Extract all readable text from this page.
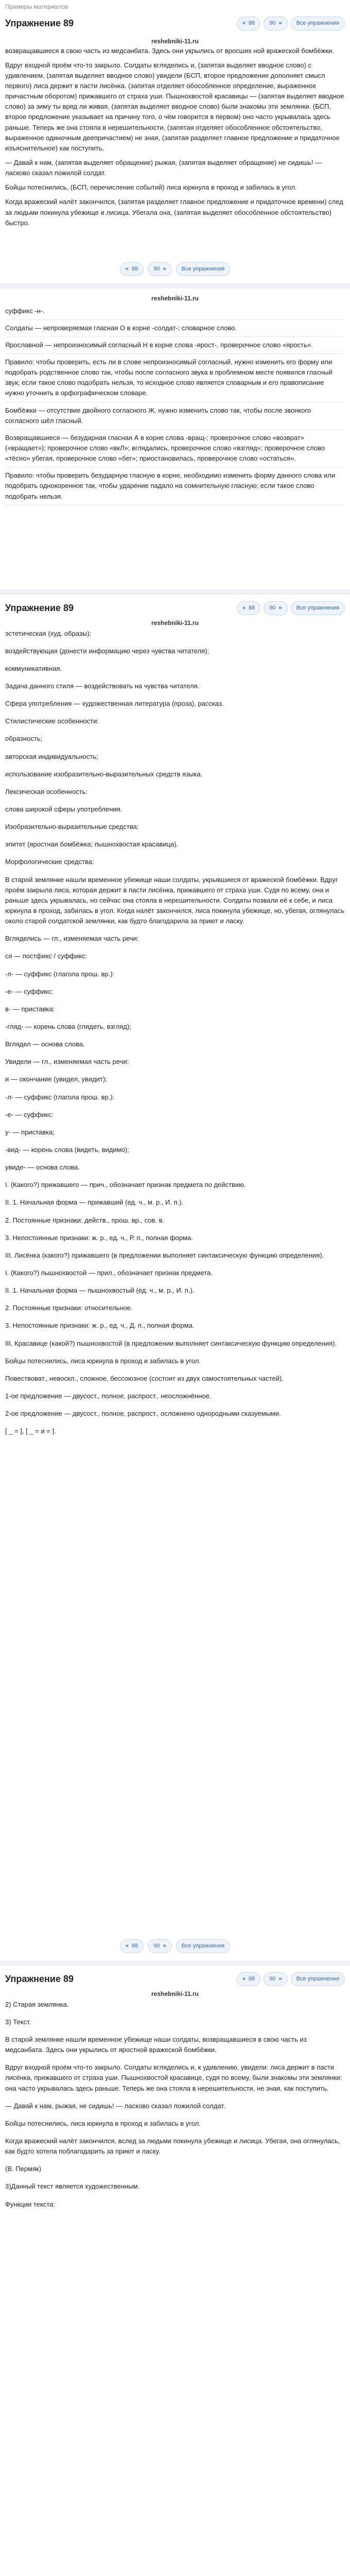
Примеры материалов
Упражнение 89	« 88	90 »	Все упражнения
reshebniki-11.ru

возвращавшиеся в свою часть из медсанбата. Здесь они укрылись от вросших ной вражеской бомбёжки.

Вдруг входной проём что-то закрыло. Солдаты вгляделись и, (запятая выделяет вводное слово) с удивлением, (запятая выделяет вводное слово) увидели (БСП, второе предложение дополняет смысл первого) лиса держит в пасти лисёнка. (запятая отделяет обособленное определение, выраженное причастным оборотом) прижавшего от страха уши. Пышнохвостой красавицы — (запятая выделяет вводное слово) за зиму ты вряд ли живая, (запятая выделяет вводное слово) были знакомы эти землянки. (БСП, второе предложение указывает на причину того, о чём говорится в первом) оно часто укрывалась здесь раньше. Теперь же она стояла в нерешительности, (запятая отделяет обособленное обстоятельство, выраженное одиночным деепричастием) не зная, (запятая разделяет главное предложение и придаточное изъяснительное) как поступить.

— Давай к нам, (запятая выделяет обращение) рыжая, (запятая выделяет обращение) не сидишь! — ласково сказал пожилой солдат.

Бойцы потеснились, (БСП, перечисление событий) лиса юркнула в проход и забилась в угол.

Когда вражеский налёт закончился, (запятая разделяет главное предложение и придаточное времени) след за людьми покинула убежище и лисица. Убегала она, (запятая выделяет обособленное обстоятельство) быстро.

« 88	90 »	Все упражнения
reshebniki-11.ru

суффикс -н-.

Солдаты — непроверяемая гласная О в корне -солдат-; словарное слово.

Ярославной — непроизносимый согласный Н в корне слова -ярост-, проверочное слово «ярость».

Правило: чтобы проверить, есть ли в слове непроизносимый согласный, нужно изменить его форму или подобрать родственное слово так, чтобы после согласного звука в проблемном месте появился гласный звук; если такое слово подобрать нельзя, то исходное слово является словарным и его правописание нужно уточнить в орфографическом словаре.

Бомбёжки — отсутствие двойного согласного Ж, нужно изменить слово так, чтобы после звонкого согласного шёл гласный.

Возвращавшиеся — безударная гласная А в корне слова -вращ-; проверочное слово «возврат» («вращает»); проверочное слово «вкЛ»; вглядались, проверочное слово «взгляд»; проверочное слово «тёсно» убегая, проверочное слово «бег»; приостановилась, проверочное слово «остаться».

Правило: чтобы проверить безударную гласную в корне, необходимо изменить форму данного слова или подобрать однокоренное так, чтобы ударение падало на сомнительную гласную; если такое слово подобрать нельзя.

Упражнение 89	« 88	90 »	Все упражнения
reshebniki-11.ru

эстетическая (худ. образы);

воздействующая (донести информацию через чувства читателя);

коммуникативная.

Задача данного стиля — воздействовать на чувства читателя.

Сфера употребления — художественная литература (проза), рассказ.

Стилистические особенности:

образность;

авторская индивидуальность;

использование изобразительно-выразительных средств языка.

Лексическая особенность:

слова широкой сферы употребления.

Изобразительно-выразительные средства:

эпитет (яростная бомбёжка; пышнохвостая красавица).

Морфологические средства:

В старой землянке нашли временное убежище наши солдаты, укрывшиеся от вражеской бомбёжки. Вдруг проём закрыла лиса, которая держит в пасти лисёнка, прижавшего от страха уши. Судя по всему, она и раньше здесь укрывалась, но сейчас она стояла в нерешительности. Солдаты позвали её к себе, и лиса юркнула в проход, забилась в угол. Когда налёт закончился, лиса покинула убежище, но, убегая, оглянулась около старой солдатской землянки, как будто благодарила за приют и ласку.

Вгляделись — гл., изменяемая часть речи:

ся — постфикс / суффикс:

-л- — суффикс (глагола прош. вр.):

-е- — суффикс:

в- — приставка:

-гляд- — корень слова (глядеть, взгляд);

Вглядел — основа слова.

Увидели — гл., изменяемая часть речи:

и — окончание (увидел, увидит);

-л- — суффикс (глагола прош. вр.):

-е- — суффикс:

у- — приставка;

-вид- — корень слова (видеть, видимо);

увиде- — основа слова.

I. (Какого?) прижавшего — прич., обозначает признак предмета по действию.

II. 1. Начальная форма — прижавший (ед. ч., м. р., И. п.).

2. Постоянные признаки: действ., прош. вр., сов. в.

3. Непостоянные признаки: ж. р., ед. ч., Р. п., полная форма.

III. Лисёнка (какого?) прижавшего (в предложении выполняет синтаксическую функцию определения).

I. (Какого?) пышнохвостой — прил., обозначает признак предмета.

II. 1. Начальная форма — пышнохвостый (ед. ч., м. р., И. п.).

2. Постоянные признаки: относительное.

3. Непостоянные признаки: ж. р., ед. ч., Д. п., полная форма.

III. Красавице (какой?) пышнохвостой (в предложении выполняет синтаксическую функцию определения).

Бойцы потеснились, лиса юркнула в проход и забилась в угол.

Повествоват., невоскл., сложное, бессоюзное (состоит из двух самостоятельных частей).

1-ое предложение — двусост., полное, распрост., неосложнённое.

2-ое предложение — двусост., полное, распрост., осложнено однородными сказуемыми.

[ _ = ], [ _ = и = ].

« 88	90 »	Все упражнения
Упражнение 89	« 88	90 »	Все упражнения
reshebniki-11.ru

2) Старая землянка.

3) Текст.

В старой землянке нашли временное убежище наши солдаты, возвращавшиеся в свою часть из медсанбата. Здесь они укрылись от яростной вражеской бомбёжки.

Вдруг входной проём что-то закрыло. Солдаты вгляделись и, к удивлению, увидели: лиса держит в пасти лисёнка, прижавшего от страха уши. Пышнохвостой красавице, судя по всему, были знакомы эти землянки: она часто укрывалась здесь раньше. Теперь же она стояла в нерешительности, не зная, как поступить.

— Давай к нам, рыжая, не сидишь! — ласково сказал пожилой солдат.

Бойцы потеснились, лиса юркнула в проход и забилась в угол.

Когда вражеский налёт закончился, вслед за людьми покинула убежище и лисица. Убегая, она оглянулась, как будто хотела поблагодарить за приют и ласку.

(В. Пермяк)

3)Данный текст является художественным.

Функции текста:
